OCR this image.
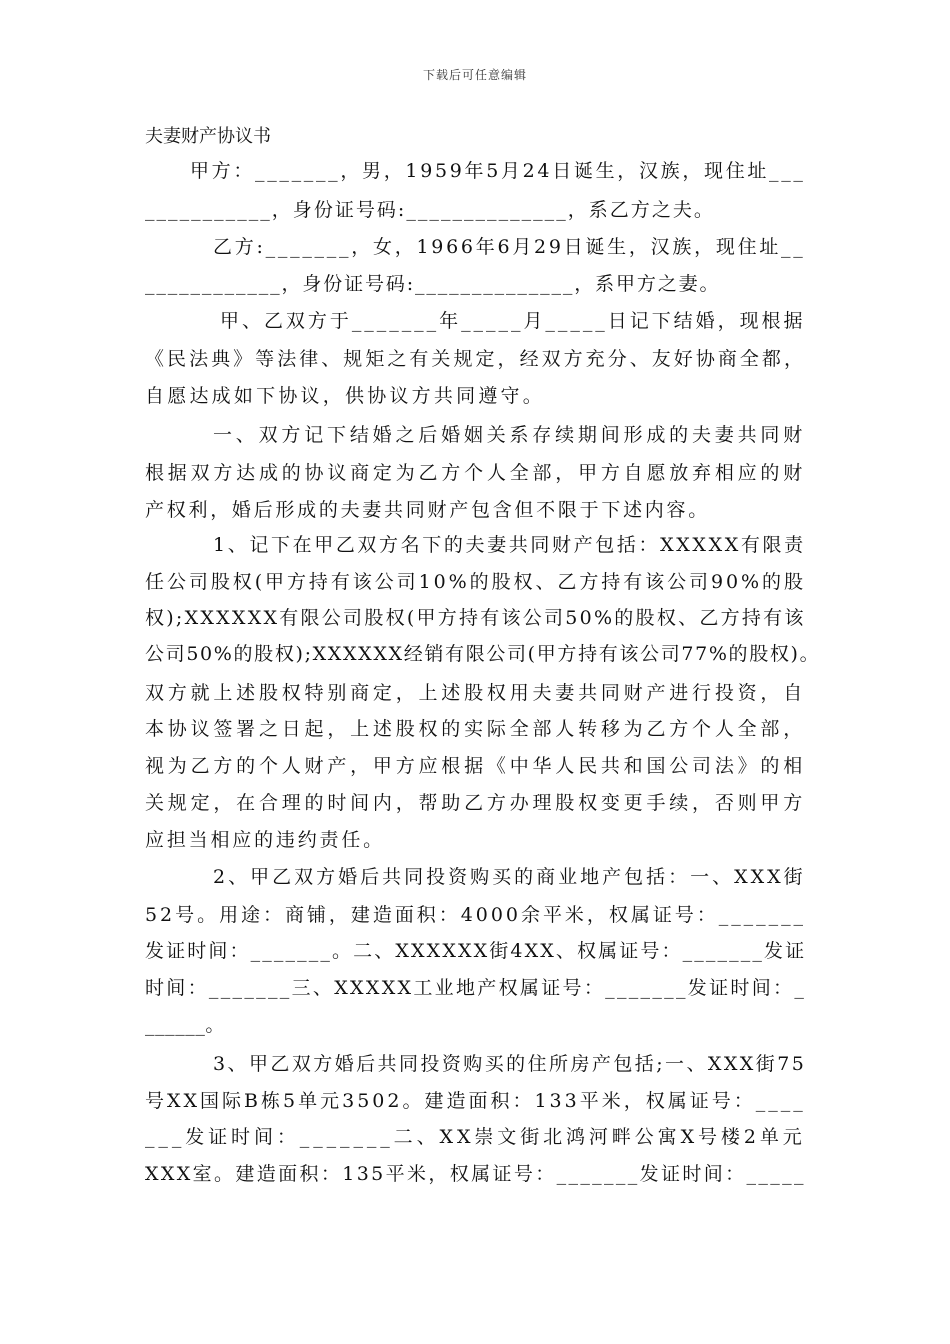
下载后可任意编辑
夫妻财产协议书
甲方：_______，男，1959年5月24日诞生，汉族，现住址___
___________，身份证号码:______________，系乙方之夫。
乙方:_______，女，1966年6月29日诞生，汉族，现住址__
____________，身份证号码:______________，系甲方之妻。
甲、乙双方于_______年_____月_____日记下结婚，现根据
《民法典》等法律、规矩之有关规定，经双方充分、友好协商全都，
自愿达成如下协议，供协议方共同遵守。
一、双方记下结婚之后婚姻关系存续期间形成的夫妻共同财
根据双方达成的协议商定为乙方个人全部，甲方自愿放弃相应的财
产权利，婚后形成的夫妻共同财产包含但不限于下述内容。
1、记下在甲乙双方名下的夫妻共同财产包括：XXXXX有限责
任公司股权(甲方持有该公司10%的股权、乙方持有该公司90%的股
权);XXXXXX有限公司股权(甲方持有该公司50%的股权、乙方持有该
公司50%的股权);XXXXXX经销有限公司(甲方持有该公司77%的股权)。
双方就上述股权特别商定，上述股权用夫妻共同财产进行投资，自
本协议签署之日起，上述股权的实际全部人转移为乙方个人全部，
视为乙方的个人财产，甲方应根据《中华人民共和国公司法》的相
关规定，在合理的时间内，帮助乙方办理股权变更手续，否则甲方
应担当相应的违约责任。
2、甲乙双方婚后共同投资购买的商业地产包括：一、XXX街
52号。用途：商铺，建造面积：4000余平米，权属证号：_______
发证时间：_______。二、XXXXXX街4XX、权属证号：_______发证
时间：_______三、XXXXX工业地产权属证号：_______发证时间：_
______。
3、甲乙双方婚后共同投资购买的住所房产包括;一、XXX街75
号XX国际B栋5单元3502。建造面积：133平米，权属证号：____
___发证时间：_______二、XX崇文街北鸿河畔公寓X号楼2单元
XXX室。建造面积：135平米，权属证号：_______发证时间：_____
